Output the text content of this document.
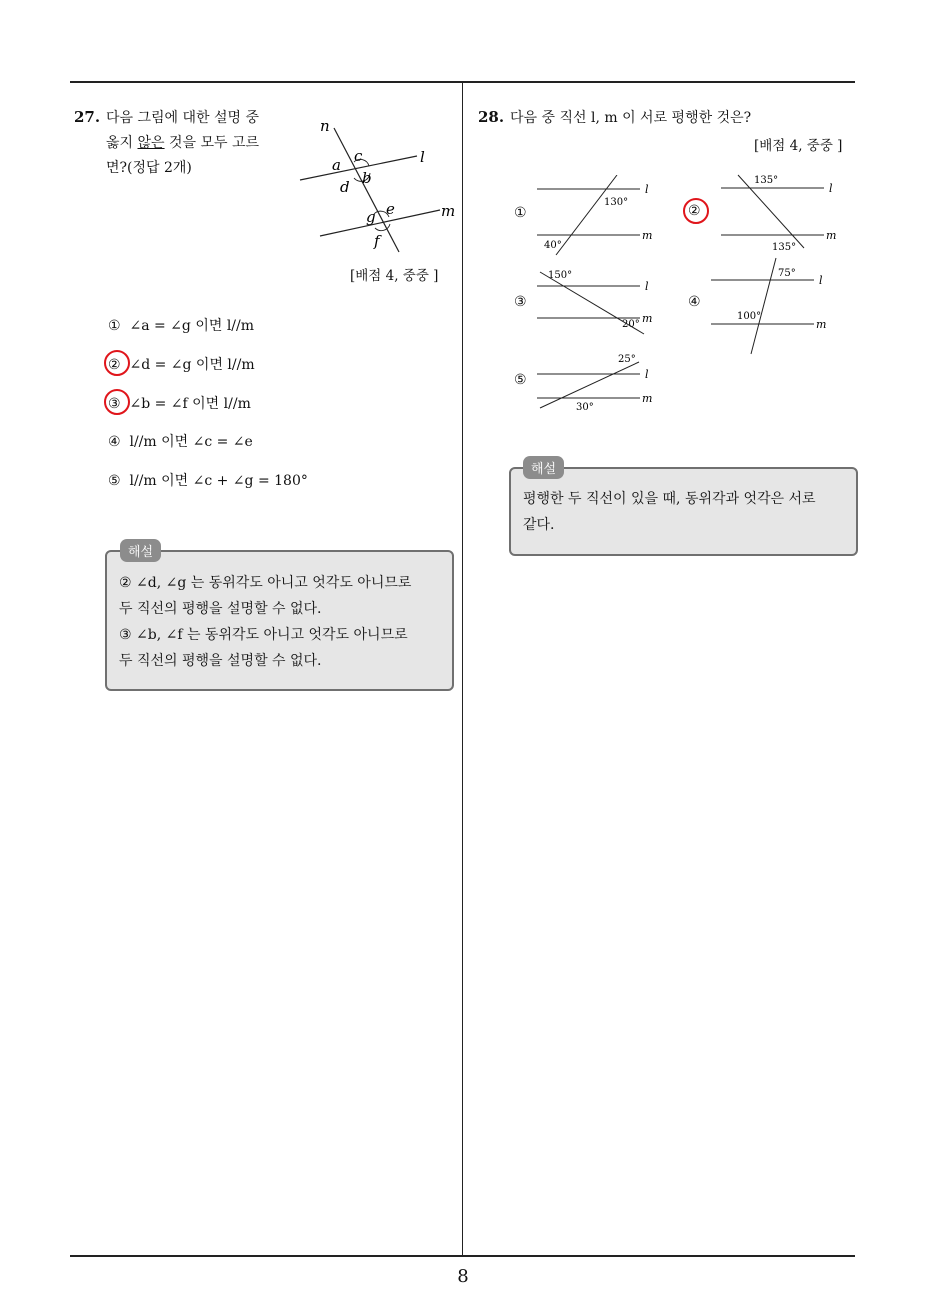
27. 다음 그림에 대한 설명 중
옳지 않은 것을 모두 고르
면?(정답 2개)
n
l
m
a c
d b
e
g
f
[배점 4, 중중 ]
① ∠a = ∠g 이면 l//m
② ∠d = ∠g 이면 l//m
③ ∠b = ∠f 이면 l//m
④ l//m 이면 ∠c = ∠e
⑤ l//m 이면 ∠c + ∠g = 180°
해설
② ∠d, ∠g 는 동위각도 아니고 엇각도 아니므로
두 직선의 평행을 설명할 수 없다.
③ ∠b, ∠f 는 동위각도 아니고 엇각도 아니므로
두 직선의 평행을 설명할 수 없다.
28. 다음 중 직선 l, m 이 서로 평행한 것은?
[배점 4, 중중 ]
①
l
m
130°
40°
②
l
m
135°
135°
③
l
m
150°
20°
④
l
m
75°
100°
⑤	l
m
25°
30°
해설
평행한 두 직선이 있을 때, 동위각과 엇각은 서로
같다.
8
